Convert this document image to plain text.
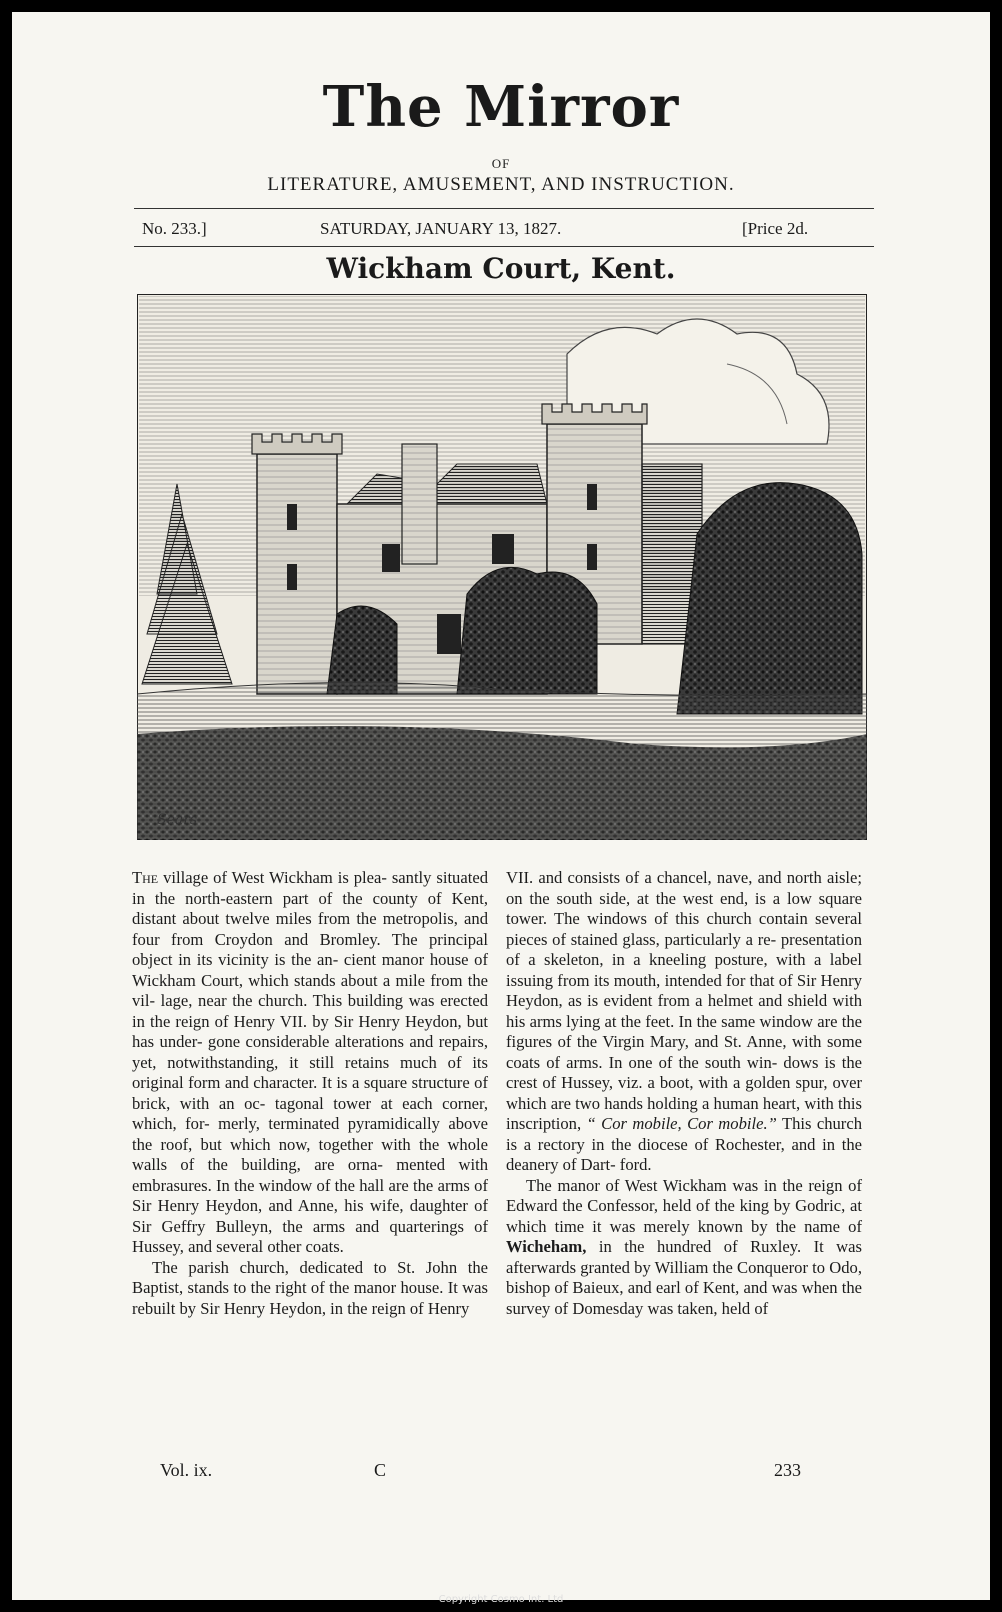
The Mirror
OF
LITERATURE, AMUSEMENT, AND INSTRUCTION.
No. 233.]	SATURDAY, JANUARY 13, 1827.	[Price 2d.
Wickham Court, Kent.
Sears

The village of West Wickham is plea- santly situated in the north-eastern part of the county of Kent, distant about twelve miles from the metropolis, and four from Croydon and Bromley. The principal object in its vicinity is the an- cient manor house of Wickham Court, which stands about a mile from the vil- lage, near the church. This building was erected in the reign of Henry VII. by Sir Henry Heydon, but has under- gone considerable alterations and repairs, yet, notwithstanding, it still retains much of its original form and character. It is a square structure of brick, with an oc- tagonal tower at each corner, which, for- merly, terminated pyramidically above the roof, but which now, together with the whole walls of the building, are orna- mented with embrasures. In the window of the hall are the arms of Sir Henry Heydon, and Anne, his wife, daughter of Sir Geffry Bulleyn, the arms and quarterings of Hussey, and several other coats.

The parish church, dedicated to St. John the Baptist, stands to the right of the manor house. It was rebuilt by Sir Henry Heydon, in the reign of Henry

VII. and consists of a chancel, nave, and north aisle; on the south side, at the west end, is a low square tower. The windows of this church contain several pieces of stained glass, particularly a re- presentation of a skeleton, in a kneeling posture, with a label issuing from its mouth, intended for that of Sir Henry Heydon, as is evident from a helmet and shield with his arms lying at the feet. In the same window are the figures of the Virgin Mary, and St. Anne, with some coats of arms. In one of the south win- dows is the crest of Hussey, viz. a boot, with a golden spur, over which are two hands holding a human heart, with this inscription, “ Cor mobile, Cor mobile.” This church is a rectory in the diocese of Rochester, and in the deanery of Dart- ford.

The manor of West Wickham was in the reign of Edward the Confessor, held of the king by Godric, at which time it was merely known by the name of Wicheham, in the hundred of Ruxley. It was afterwards granted by William the Conqueror to Odo, bishop of Baieux, and earl of Kent, and was when the survey of Domesday was taken, held of

Vol. ix.	C	233
Copyright Cosmo Int. Ltd
